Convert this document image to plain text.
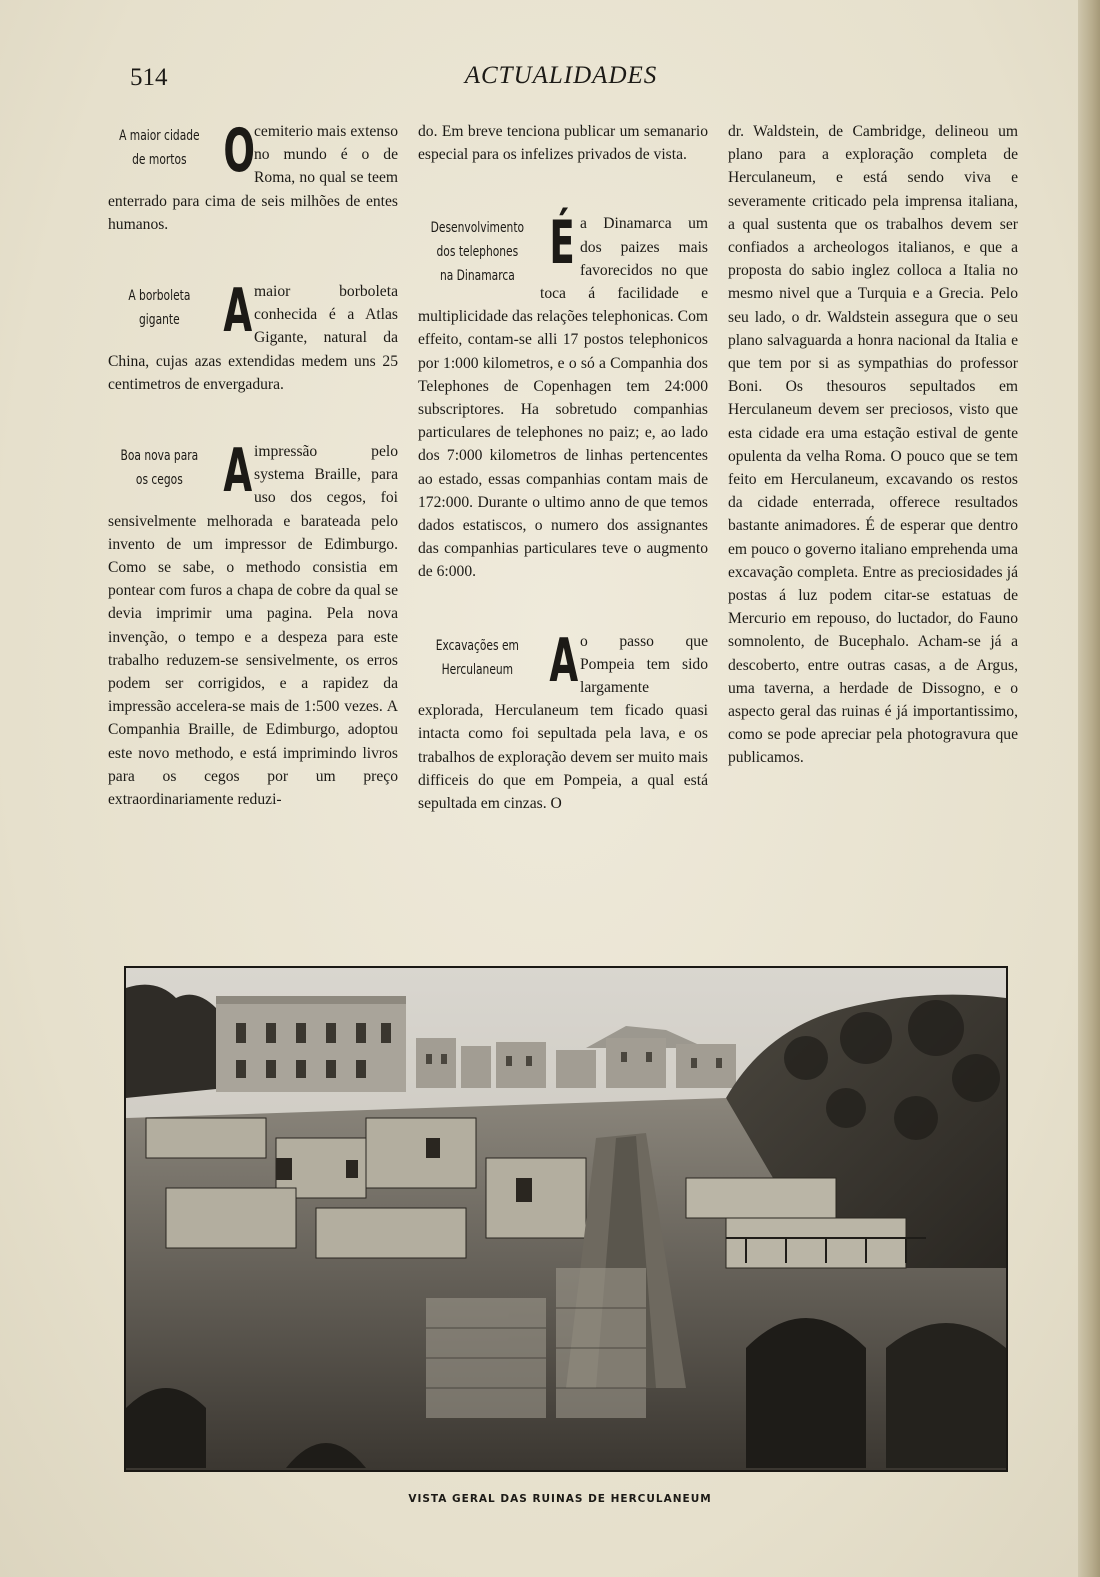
514	ACTUALIDADES
A maior cidade de mortos O cemiterio mais extenso no mundo é o de Roma, no qual se teem enterrado para cima de seis milhões de entes humanos.
A borboleta gigante A maior borboleta conhecida é a Atlas Gigante, natural da China, cujas azas extendidas medem uns 25 centimetros de envergadura.
Boa nova para os cegos A impressão pelo systema Braille, para uso dos cegos, foi sensivelmente melhorada e barateada pelo invento de um impressor de Edimburgo. Como se sabe, o methodo consistia em pontear com furos a chapa de cobre da qual se devia imprimir uma pagina. Pela nova invenção, o tempo e a despeza para este trabalho reduzem-se sensivelmente, os erros podem ser corrigidos, e a rapidez da impressão accelera-se mais de 1:500 vezes. A Companhia Braille, de Edimburgo, adoptou este novo methodo, e está imprimindo livros para os cegos por um preço extraordinariamente reduzi-

do. Em breve tenciona publicar um semanario especial para os infelizes privados de vista.

Desenvolvimento dos telephones na Dinamarca É a Dinamarca um dos paizes mais favorecidos no que toca á facilidade e multiplicidade das relações telephonicas. Com effeito, contam-se alli 17 postos telephonicos por 1:000 kilometros, e o só a Companhia dos Telephones de Copenhagen tem 24:000 subscriptores. Ha sobretudo companhias particulares de telephones no paiz; e, ao lado dos 7:000 kilometros de linhas pertencentes ao estado, essas companhias contam mais de 172:000. Durante o ultimo anno de que temos dados estatiscos, o numero dos assignantes das companhias particulares teve o augmento de 6:000.
Excavações em Herculaneum A o passo que Pompeia tem sido largamente explorada, Herculaneum tem ficado quasi intacta como foi sepultada pela lava, e os trabalhos de exploração devem ser muito mais difficeis do que em Pompeia, a qual está sepultada em cinzas. O

dr. Waldstein, de Cambridge, delineou um plano para a exploração completa de Herculaneum, e está sendo viva e severamente criticado pela imprensa italiana, a qual sustenta que os trabalhos devem ser confiados a archeologos italianos, e que a proposta do sabio inglez colloca a Italia no mesmo nivel que a Turquia e a Grecia. Pelo seu lado, o dr. Waldstein assegura que o seu plano salvaguarda a honra nacional da Italia e que tem por si as sympathias do professor Boni. Os thesouros sepultados em Herculaneum devem ser preciosos, visto que esta cidade era uma estação estival de gente opulenta da velha Roma. O pouco que se tem feito em Herculaneum, excavando os restos da cidade enterrada, offerece resultados bastante animadores. É de esperar que dentro em pouco o governo italiano emprehenda uma excavação completa. Entre as preciosidades já postas á luz podem citar-se estatuas de Mercurio em repouso, do luctador, do Fauno somnolento, de Bucephalo. Acham-se já a descoberto, entre outras casas, a de Argus, uma taverna, a herdade de Dissogno, e o aspecto geral das ruinas é já importantissimo, como se pode apreciar pela photogravura que publicamos.

VISTA GERAL DAS RUINAS DE HERCULANEUM
